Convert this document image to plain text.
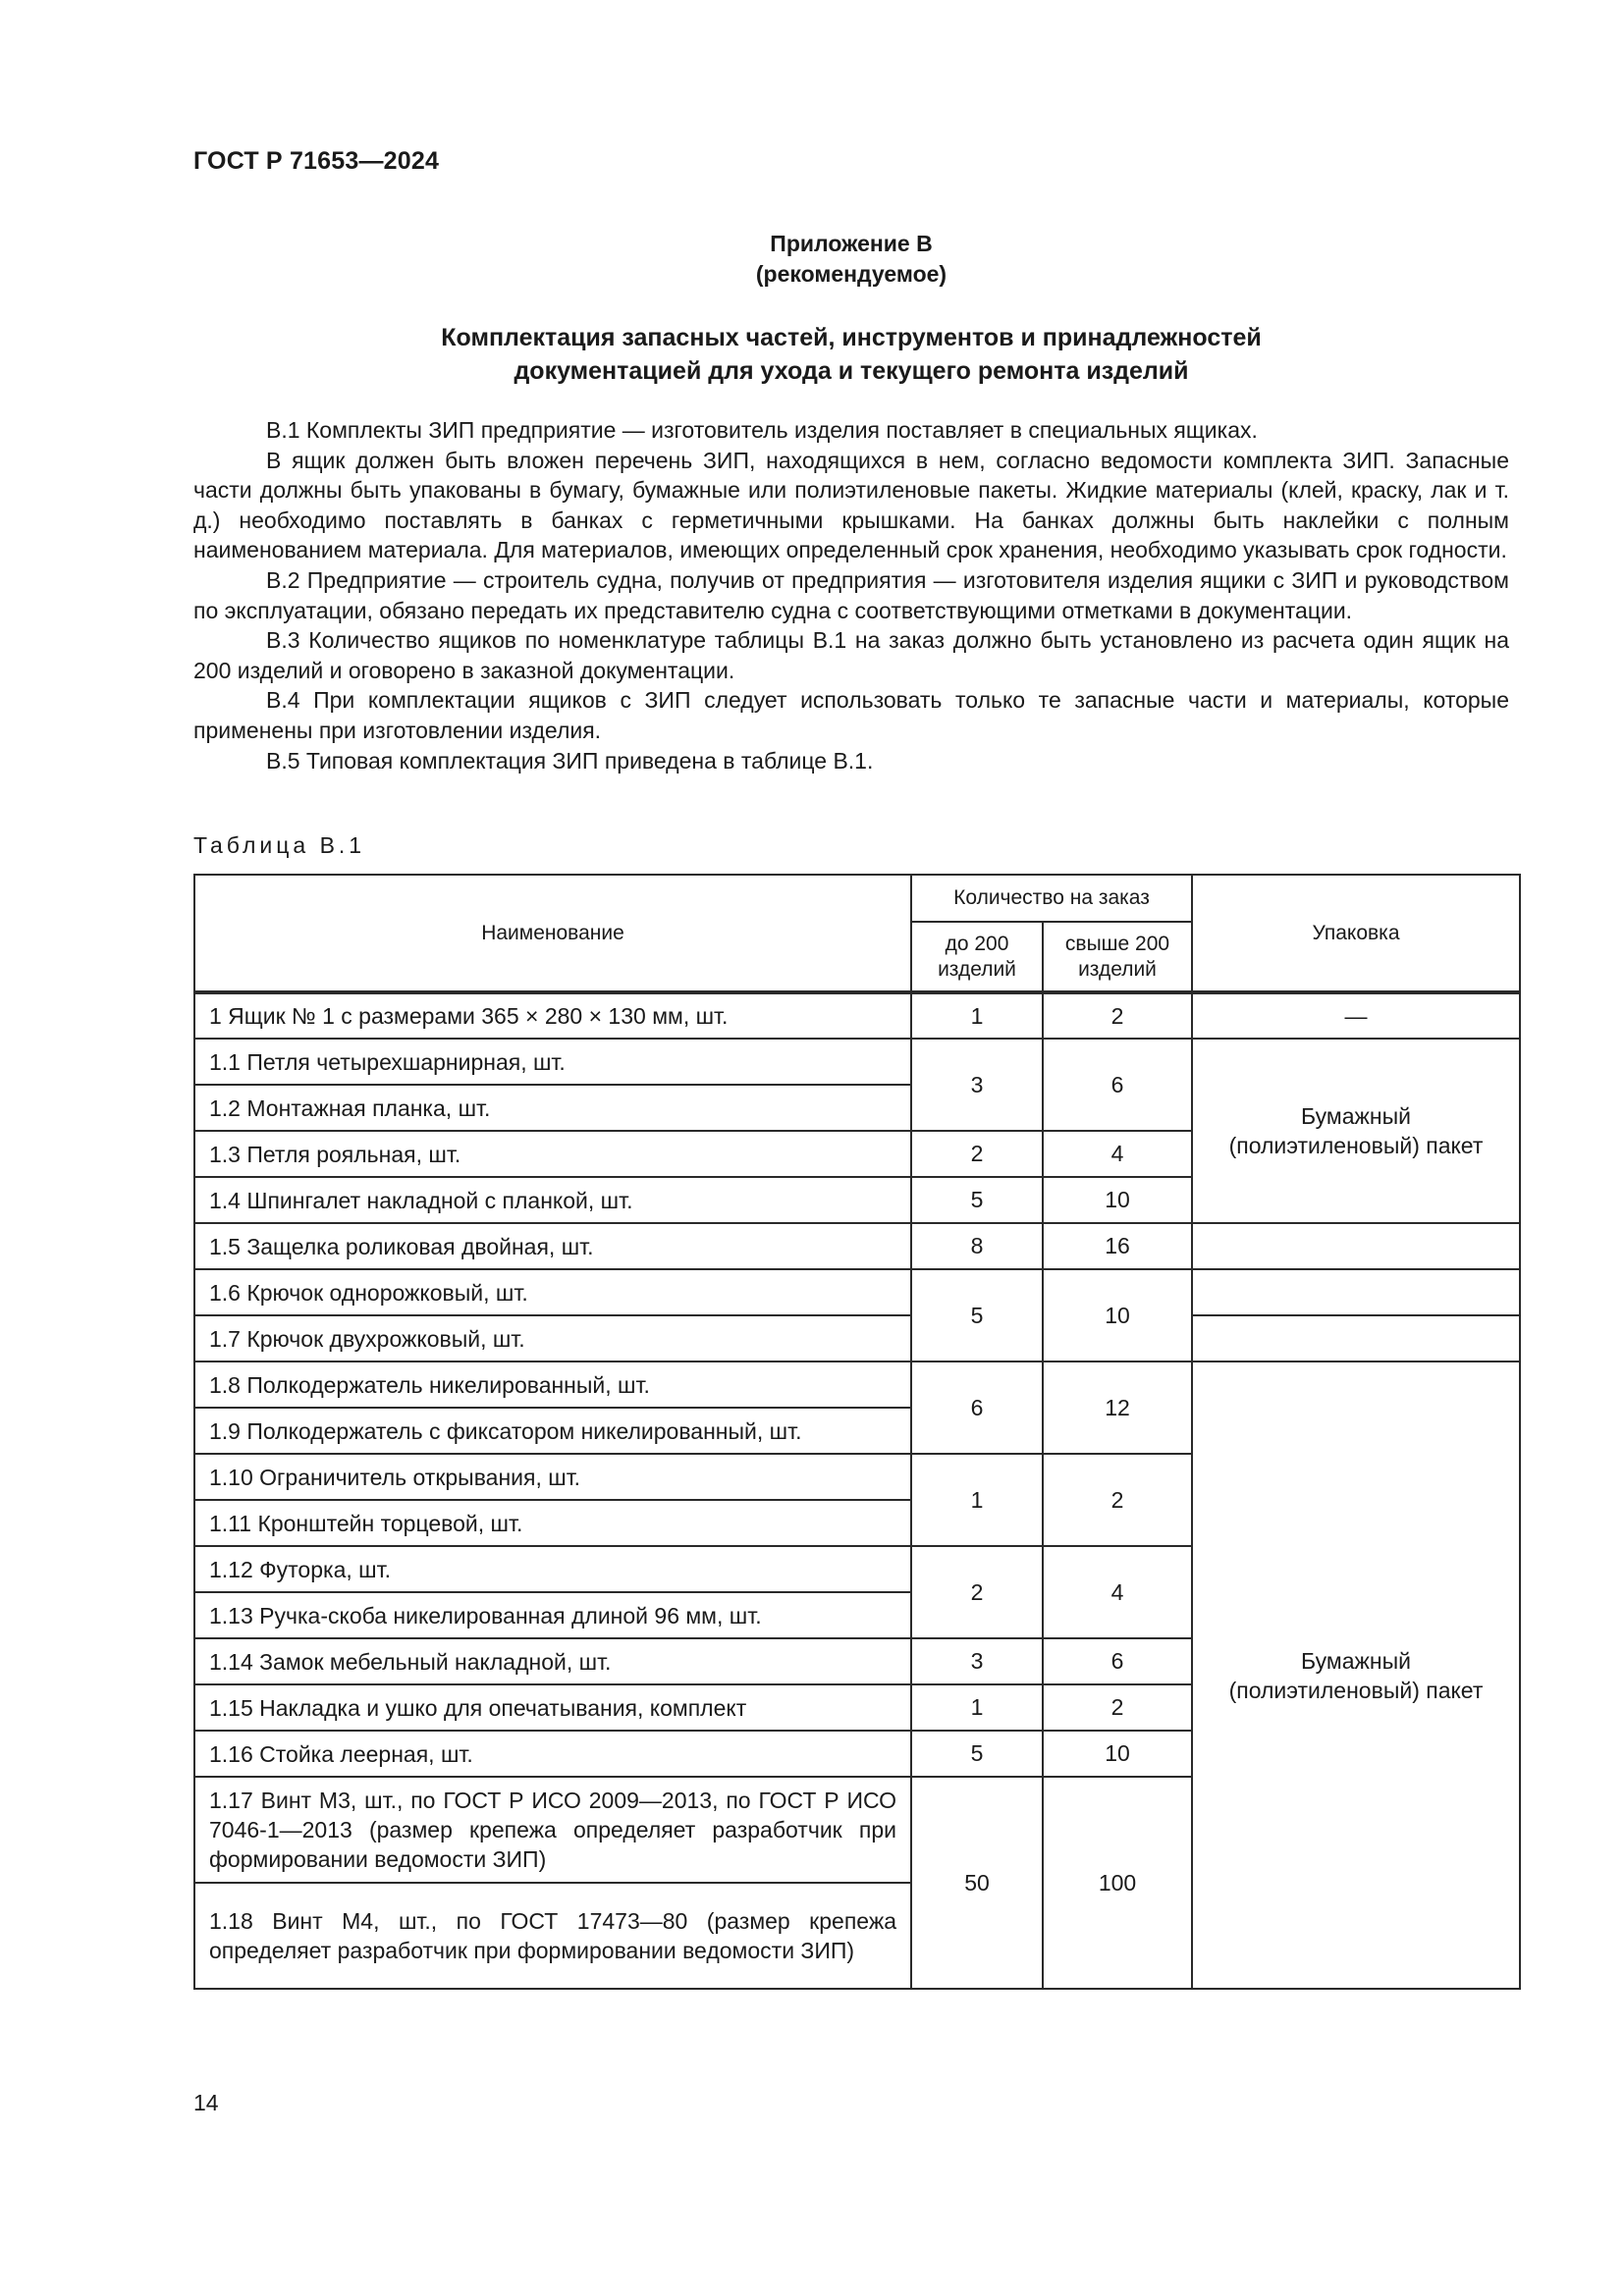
ГОСТ Р 71653—2024
Приложение В
(рекомендуемое)
Комплектация запасных частей, инструментов и принадлежностей
документацией для ухода и текущего ремонта изделий

В.1 Комплекты ЗИП предприятие — изготовитель изделия поставляет в специальных ящиках.

В ящик должен быть вложен перечень ЗИП, находящихся в нем, согласно ведомости комплекта ЗИП. Запасные части должны быть упакованы в бумагу, бумажные или полиэтиленовые пакеты. Жидкие материалы (клей, краску, лак и т. д.) необходимо поставлять в банках с герметичными крышками. На банках должны быть наклейки с полным наименованием материала. Для материалов, имеющих определенный срок хранения, необходимо указывать срок годности.

В.2 Предприятие — строитель судна, получив от предприятия — изготовителя изделия ящики с ЗИП и руководством по эксплуатации, обязано передать их представителю судна с соответствующими отметками в документации.

В.3 Количество ящиков по номенклатуре таблицы В.1 на заказ должно быть установлено из расчета один ящик на 200 изделий и оговорено в заказной документации.

В.4 При комплектации ящиков с ЗИП следует использовать только те запасные части и материалы, которые применены при изготовлении изделия.

В.5 Типовая комплектация ЗИП приведена в таблице В.1.

Таблица В.1
Наименование	Количество на заказ		Упаковка
	до 200 изделий	свыше 200 изделий	
1 Ящик № 1 с размерами 365 × 280 × 130 мм, шт.	1	2	—
1.1 Петля четырехшарнирная, шт.	3	6	Бумажный (полиэтиленовый) пакет
1.2 Монтажная планка, шт.			
1.3 Петля рояльная, шт.	2	4	
1.4 Шпингалет накладной с планкой, шт.	5	10	
1.5 Защелка роликовая двойная, шт.	8	16	
1.6 Крючок однорожковый, шт.	5	10	
1.7 Крючок двухрожковый, шт.			
1.8 Полкодержатель никелированный, шт.	6	12	Бумажный (полиэтиленовый) пакет
1.9 Полкодержатель с фиксатором никелированный, шт.			
1.10 Ограничитель открывания, шт.	1	2	
1.11 Кронштейн торцевой, шт.			
1.12 Футорка, шт.	2	4	
1.13 Ручка-скоба никелированная длиной 96 мм, шт.			
1.14 Замок мебельный накладной, шт.	3	6	
1.15 Накладка и ушко для опечатывания, комплект	1	2	
1.16 Стойка леерная, шт.	5	10	
1.17 Винт М3, шт., по ГОСТ Р ИСО 2009—2013, по ГОСТ Р ИСО 7046-1—2013 (размер крепежа определяет разработчик при формировании ведомости ЗИП)	50	100	
1.18 Винт М4, шт., по ГОСТ 17473—80 (размер крепежа определяет разработчик при формировании ведомости ЗИП)			
14
